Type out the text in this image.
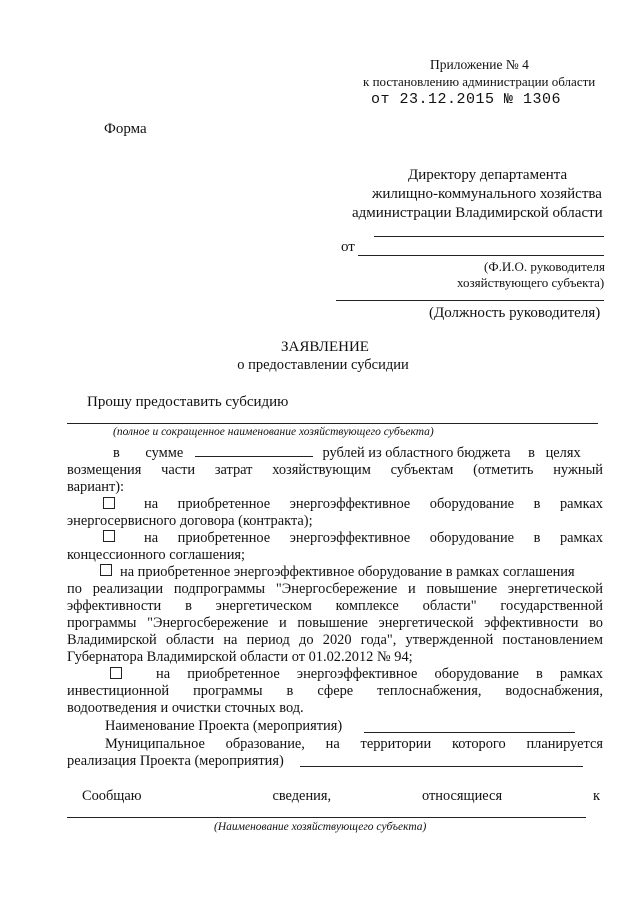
Приложение № 4
к постановлению администрации области
от 23.12.2015 № 1306
Форма
Директору департамента
жилищно-коммунального хозяйства
администрации Владимирской области
от
(Ф.И.О. руководителя
хозяйствующего субъекта)
(Должность руководителя)
ЗАЯВЛЕНИЕ
о предоставлении субсидии
Прошу предоставить субсидию
(полное и сокращенное наименование хозяйствующего субъекта)
в сумме	рублей из областного бюджета в целях
возмещения части затрат хозяйствующим субъектам (отметить нужный
вариант):
на приобретенное энергоэффективное оборудование в рамках
энергосервисного договора (контракта);
на приобретенное энергоэффективное оборудование в рамках
концессионного соглашения;
на приобретенное энергоэффективное оборудование в рамках соглашения
по реализации подпрограммы "Энергосбережение и повышение энергетической
эффективности в энергетическом комплексе области" государственной
программы "Энергосбережение и повышение энергетической эффективности во
Владимирской области на период до 2020 года", утвержденной постановлением
Губернатора Владимирской области от 01.02.2012 № 94;
на приобретенное энергоэффективное оборудование в рамках
инвестиционной программы в сфере теплоснабжения, водоснабжения,
водоотведения и очистки сточных вод.
Наименование Проекта (мероприятия)
Муниципальное образование, на территории которого планируется
реализация Проекта (мероприятия)
Сообщаю	сведения,	относящиеся	к
(Наименование хозяйствующего субъекта)
